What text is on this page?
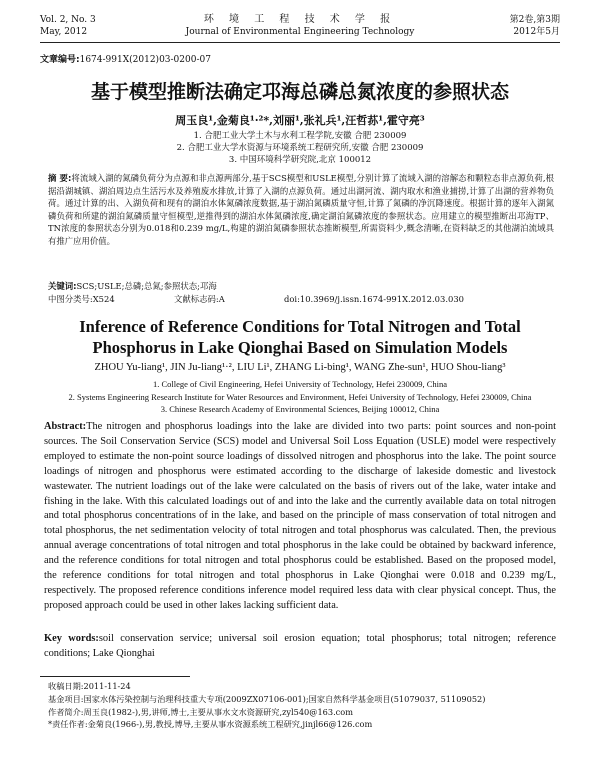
Vol. 2, No. 3
May, 2012
环 境 工 程 技 术 学 报
Journal of Environmental Engineering Technology
第2卷,第3期
2012年5月
文章编号:1674-991X(2012)03-0200-07
基于模型推断法确定邛海总磷总氮浓度的参照状态
周玉良¹,金菊良¹·²*,刘丽¹,张礼兵¹,汪哲荪¹,霍守亮³
1. 合肥工业大学土木与水利工程学院,安徽 合肥 230009
2. 合肥工业大学水资源与环境系统工程研究所,安徽 合肥 230009
3. 中国环境科学研究院,北京 100012
摘 要:将流域入湖的氮磷负荷分为点源和非点源两部分,基于SCS模型和USLE模型,分别计算了流域入湖的溶解态和颗粒态非点源负荷,根据沿湖城镇、湖泊周边点生活污水及养殖废水排放,计算了入湖的点源负荷。通过出湖河流、湖内取水和渔业捕捞,计算了出湖的营养物负荷。通过计算的出、入湖负荷和现有的湖泊水体氮磷浓度数据,基于湖泊氮磷质量守恒,计算了氮磷的净沉降速度。根据计算的逐年入湖氮磷负荷和所建的湖泊氮磷质量守恒模型,逆推得到的湖泊水体氮磷浓度,确定湖泊氮磷浓度的参照状态。应用建立的模型推断出邛海TP、TN浓度的参照状态分别为0.018和0.239 mg/L,构建的湖泊氮磷参照状态推断模型,所需资料少,概念清晰,在资料缺乏的其他湖泊流域具有推广应用价值。
关键词:SCS;USLE;总磷;总氮;参照状态;邛海
中图分类号:X524	文献标志码:A	doi:10.3969/j.issn.1674-991X.2012.03.030
Inference of Reference Conditions for Total Nitrogen and Total Phosphorus in Lake Qionghai Based on Simulation Models
ZHOU Yu-liang¹, JIN Ju-liang¹·², LIU Li¹, ZHANG Li-bing¹, WANG Zhe-sun¹, HUO Shou-liang³
1. College of Civil Engineering, Hefei University of Technology, Hefei 230009, China
2. Systems Engineering Research Institute for Water Resources and Environment, Hefei University of Technology, Hefei 230009, China
3. Chinese Research Academy of Environmental Sciences, Beijing 100012, China
Abstract:The nitrogen and phosphorus loadings into the lake are divided into two parts: point sources and non-point sources. The Soil Conservation Service (SCS) model and Universal Soil Loss Equation (USLE) model were respectively employed to estimate the non-point source loadings of dissolved nitrogen and phosphorus into the lake. The point source loadings of nitrogen and phosphorus were estimated according to the discharge of lakeside domestic and livestock wastewater. The nutrient loadings out of the lake were calculated on the basis of rivers out of the lake, water intake and fishing in the lake. With this calculated loadings out of and into the lake and the currently available data on total nitrogen and total phosphorus concentrations of in the lake, and based on the principle of mass conservation of total nitrogen and total phosphorus, the net sedimentation velocity of total nitrogen and total phosphorus was calculated. Then, the previous annual average concentrations of total nitrogen and total phosphorus in the lake could be obtained by backward inference, and the reference conditions for total nitrogen and total phosphorus could be established. Based on the proposed model, the reference conditions for total nitrogen and total phosphorus in Lake Qionghai were 0.018 and 0.239 mg/L, respectively. The proposed reference conditions inference model required less data with clear physical concept. Thus, the proposed approach could be used in other lakes lacking sufficient data.
Key words:soil conservation service; universal soil erosion equation; total phosphorus; total nitrogen; reference conditions; Lake Qionghai
收稿日期:2011-11-24
基金项目:国家水体污染控制与治理科技重大专项(2009ZX07106-001);国家自然科学基金项目(51079037, 51109052)
作者简介:周玉良(1982-),男,讲师,博士,主要从事水文水资源研究,zyl540@163.com
*责任作者:金菊良(1966-),男,教授,博导,主要从事水资源系统工程研究,jinjl66@126.com
